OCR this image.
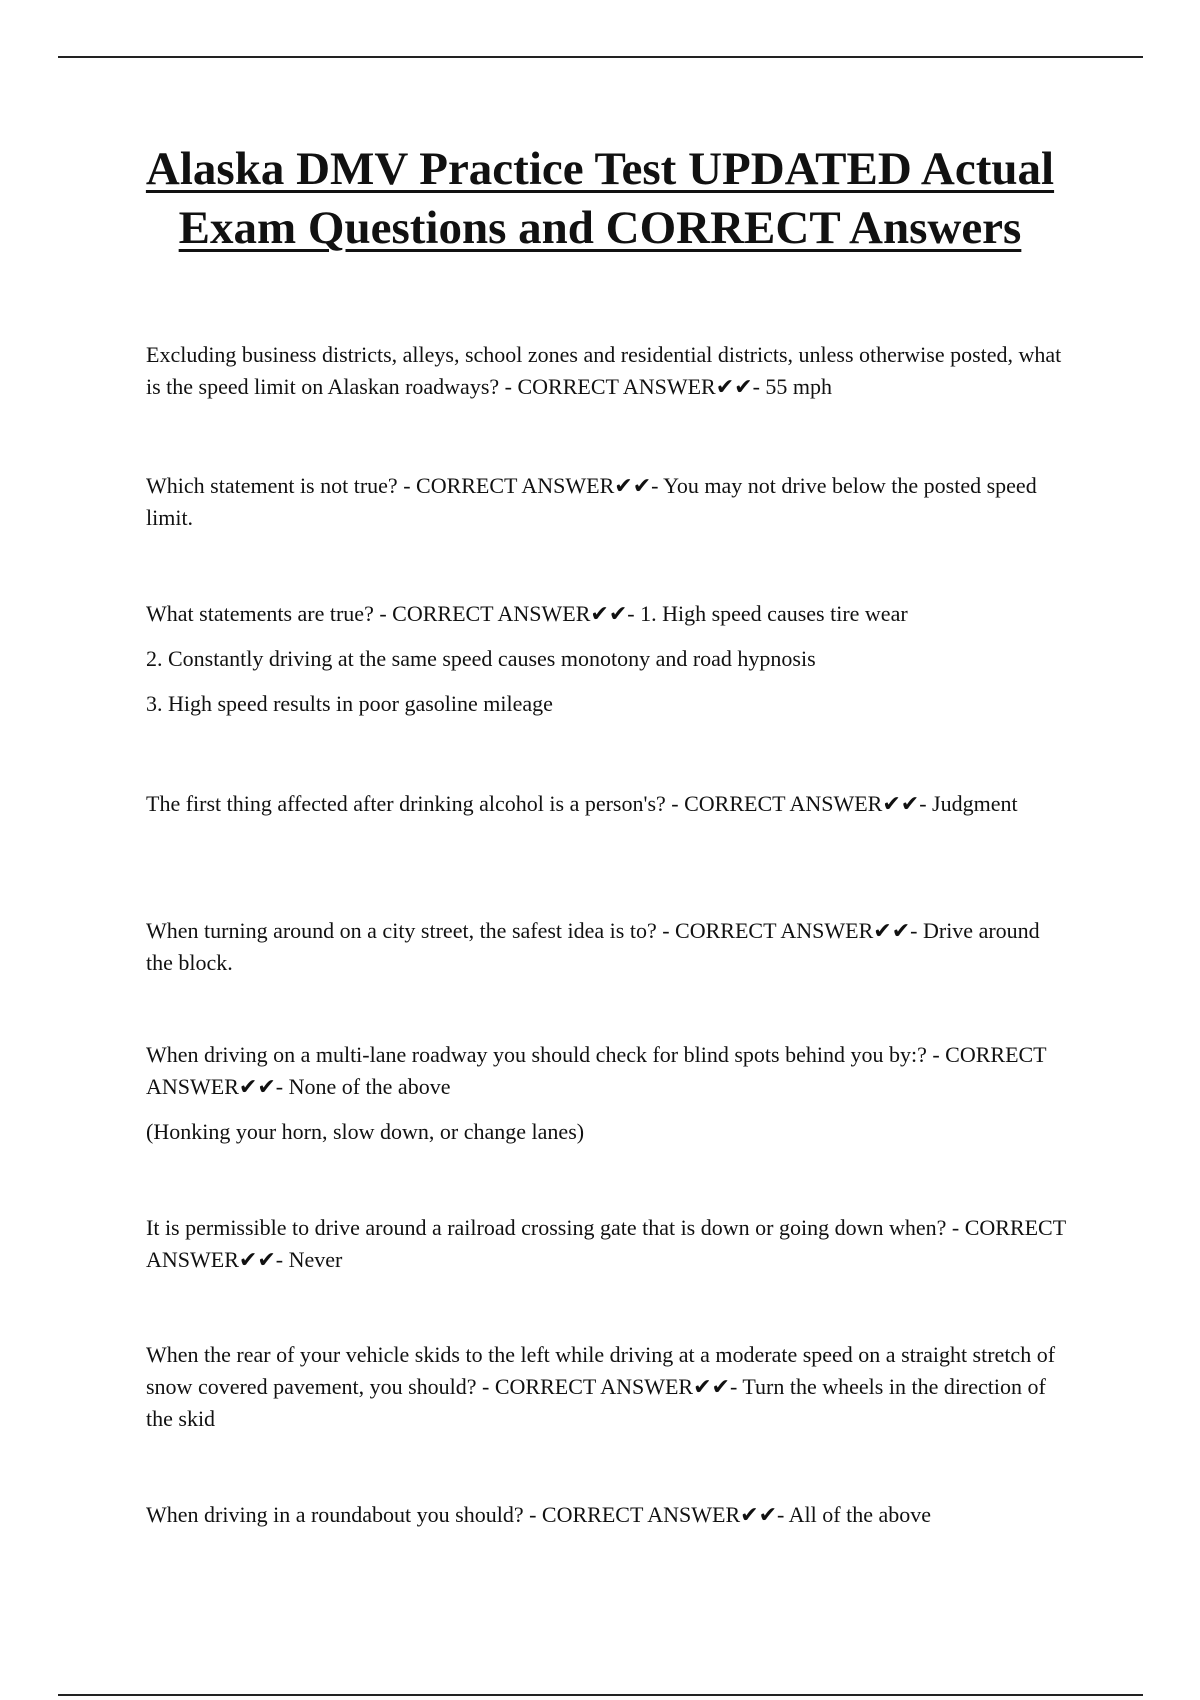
Alaska DMV Practice Test UPDATED Actual Exam Questions and CORRECT Answers

Excluding business districts, alleys, school zones and residential districts, unless otherwise posted, what is the speed limit on Alaskan roadways? - CORRECT ANSWER✔✔- 55 mph

Which statement is not true? - CORRECT ANSWER✔✔- You may not drive below the posted speed limit.

What statements are true? - CORRECT ANSWER✔✔- 1. High speed causes tire wear

2. Constantly driving at the same speed causes monotony and road hypnosis

3. High speed results in poor gasoline mileage

The first thing affected after drinking alcohol is a person's? - CORRECT ANSWER✔✔- Judgment

When turning around on a city street, the safest idea is to? - CORRECT ANSWER✔✔- Drive around the block.

When driving on a multi-lane roadway you should check for blind spots behind you by:? - CORRECT ANSWER✔✔- None of the above

(Honking your horn, slow down, or change lanes)

It is permissible to drive around a railroad crossing gate that is down or going down when? - CORRECT ANSWER✔✔- Never

When the rear of your vehicle skids to the left while driving at a moderate speed on a straight stretch of snow covered pavement, you should? - CORRECT ANSWER✔✔- Turn the wheels in the direction of the skid

When driving in a roundabout you should? - CORRECT ANSWER✔✔- All of the above
